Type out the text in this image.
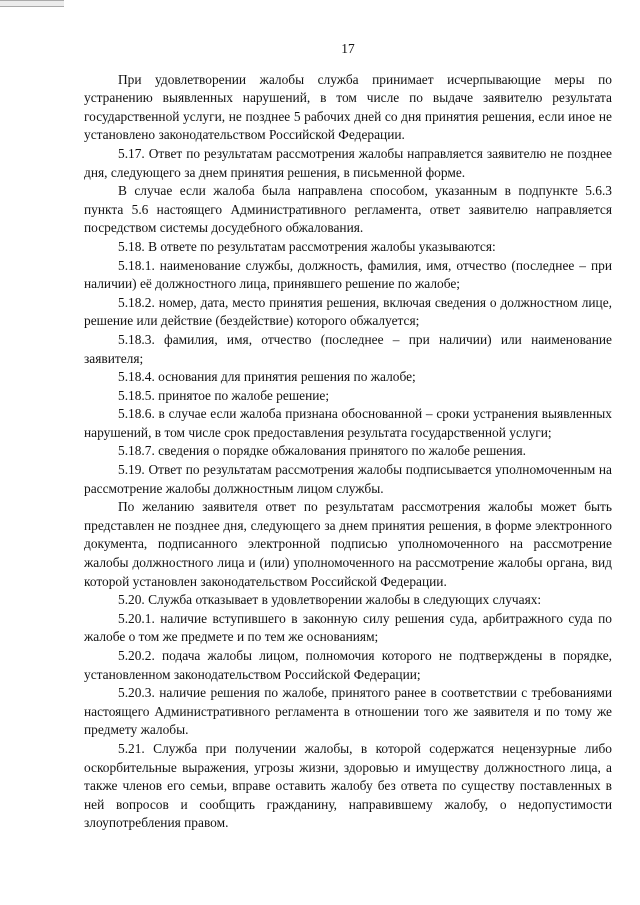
17

При удовлетворении жалобы служба принимает исчерпывающие меры по устранению выявленных нарушений, в том числе по выдаче заявителю результата государственной услуги, не позднее 5 рабочих дней со дня принятия решения, если иное не установлено законодательством Российской Федерации.

5.17. Ответ по результатам рассмотрения жалобы направляется заявителю не позднее дня, следующего за днем принятия решения, в письменной форме.

В случае если жалоба была направлена способом, указанным в подпункте 5.6.3 пункта 5.6 настоящего Административного регламента, ответ заявителю направляется посредством системы досудебного обжалования.

5.18. В ответе по результатам рассмотрения жалобы указываются:

5.18.1. наименование службы, должность, фамилия, имя, отчество (последнее – при наличии) её должностного лица, принявшего решение по жалобе;

5.18.2. номер, дата, место принятия решения, включая сведения о должностном лице, решение или действие (бездействие) которого обжалуется;

5.18.3. фамилия, имя, отчество (последнее – при наличии) или наименование заявителя;

5.18.4. основания для принятия решения по жалобе;

5.18.5. принятое по жалобе решение;

5.18.6. в случае если жалоба признана обоснованной – сроки устранения выявленных нарушений, в том числе срок предоставления результата государственной услуги;

5.18.7. сведения о порядке обжалования принятого по жалобе решения.

5.19. Ответ по результатам рассмотрения жалобы подписывается уполномоченным на рассмотрение жалобы должностным лицом службы.

По желанию заявителя ответ по результатам рассмотрения жалобы может быть представлен не позднее дня, следующего за днем принятия решения, в форме электронного документа, подписанного электронной подписью уполномоченного на рассмотрение жалобы должностного лица и (или) уполномоченного на рассмотрение жалобы органа, вид которой установлен законодательством Российской Федерации.

5.20. Служба отказывает в удовлетворении жалобы в следующих случаях:

5.20.1. наличие вступившего в законную силу решения суда, арбитражного суда по жалобе о том же предмете и по тем же основаниям;

5.20.2. подача жалобы лицом, полномочия которого не подтверждены в порядке, установленном законодательством Российской Федерации;

5.20.3. наличие решения по жалобе, принятого ранее в соответствии с требованиями настоящего Административного регламента в отношении того же заявителя и по тому же предмету жалобы.

5.21. Служба при получении жалобы, в которой содержатся нецензурные либо оскорбительные выражения, угрозы жизни, здоровью и имуществу должностного лица, а также членов его семьи, вправе оставить жалобу без ответа по существу поставленных в ней вопросов и сообщить гражданину, направившему жалобу, о недопустимости злоупотребления правом.
